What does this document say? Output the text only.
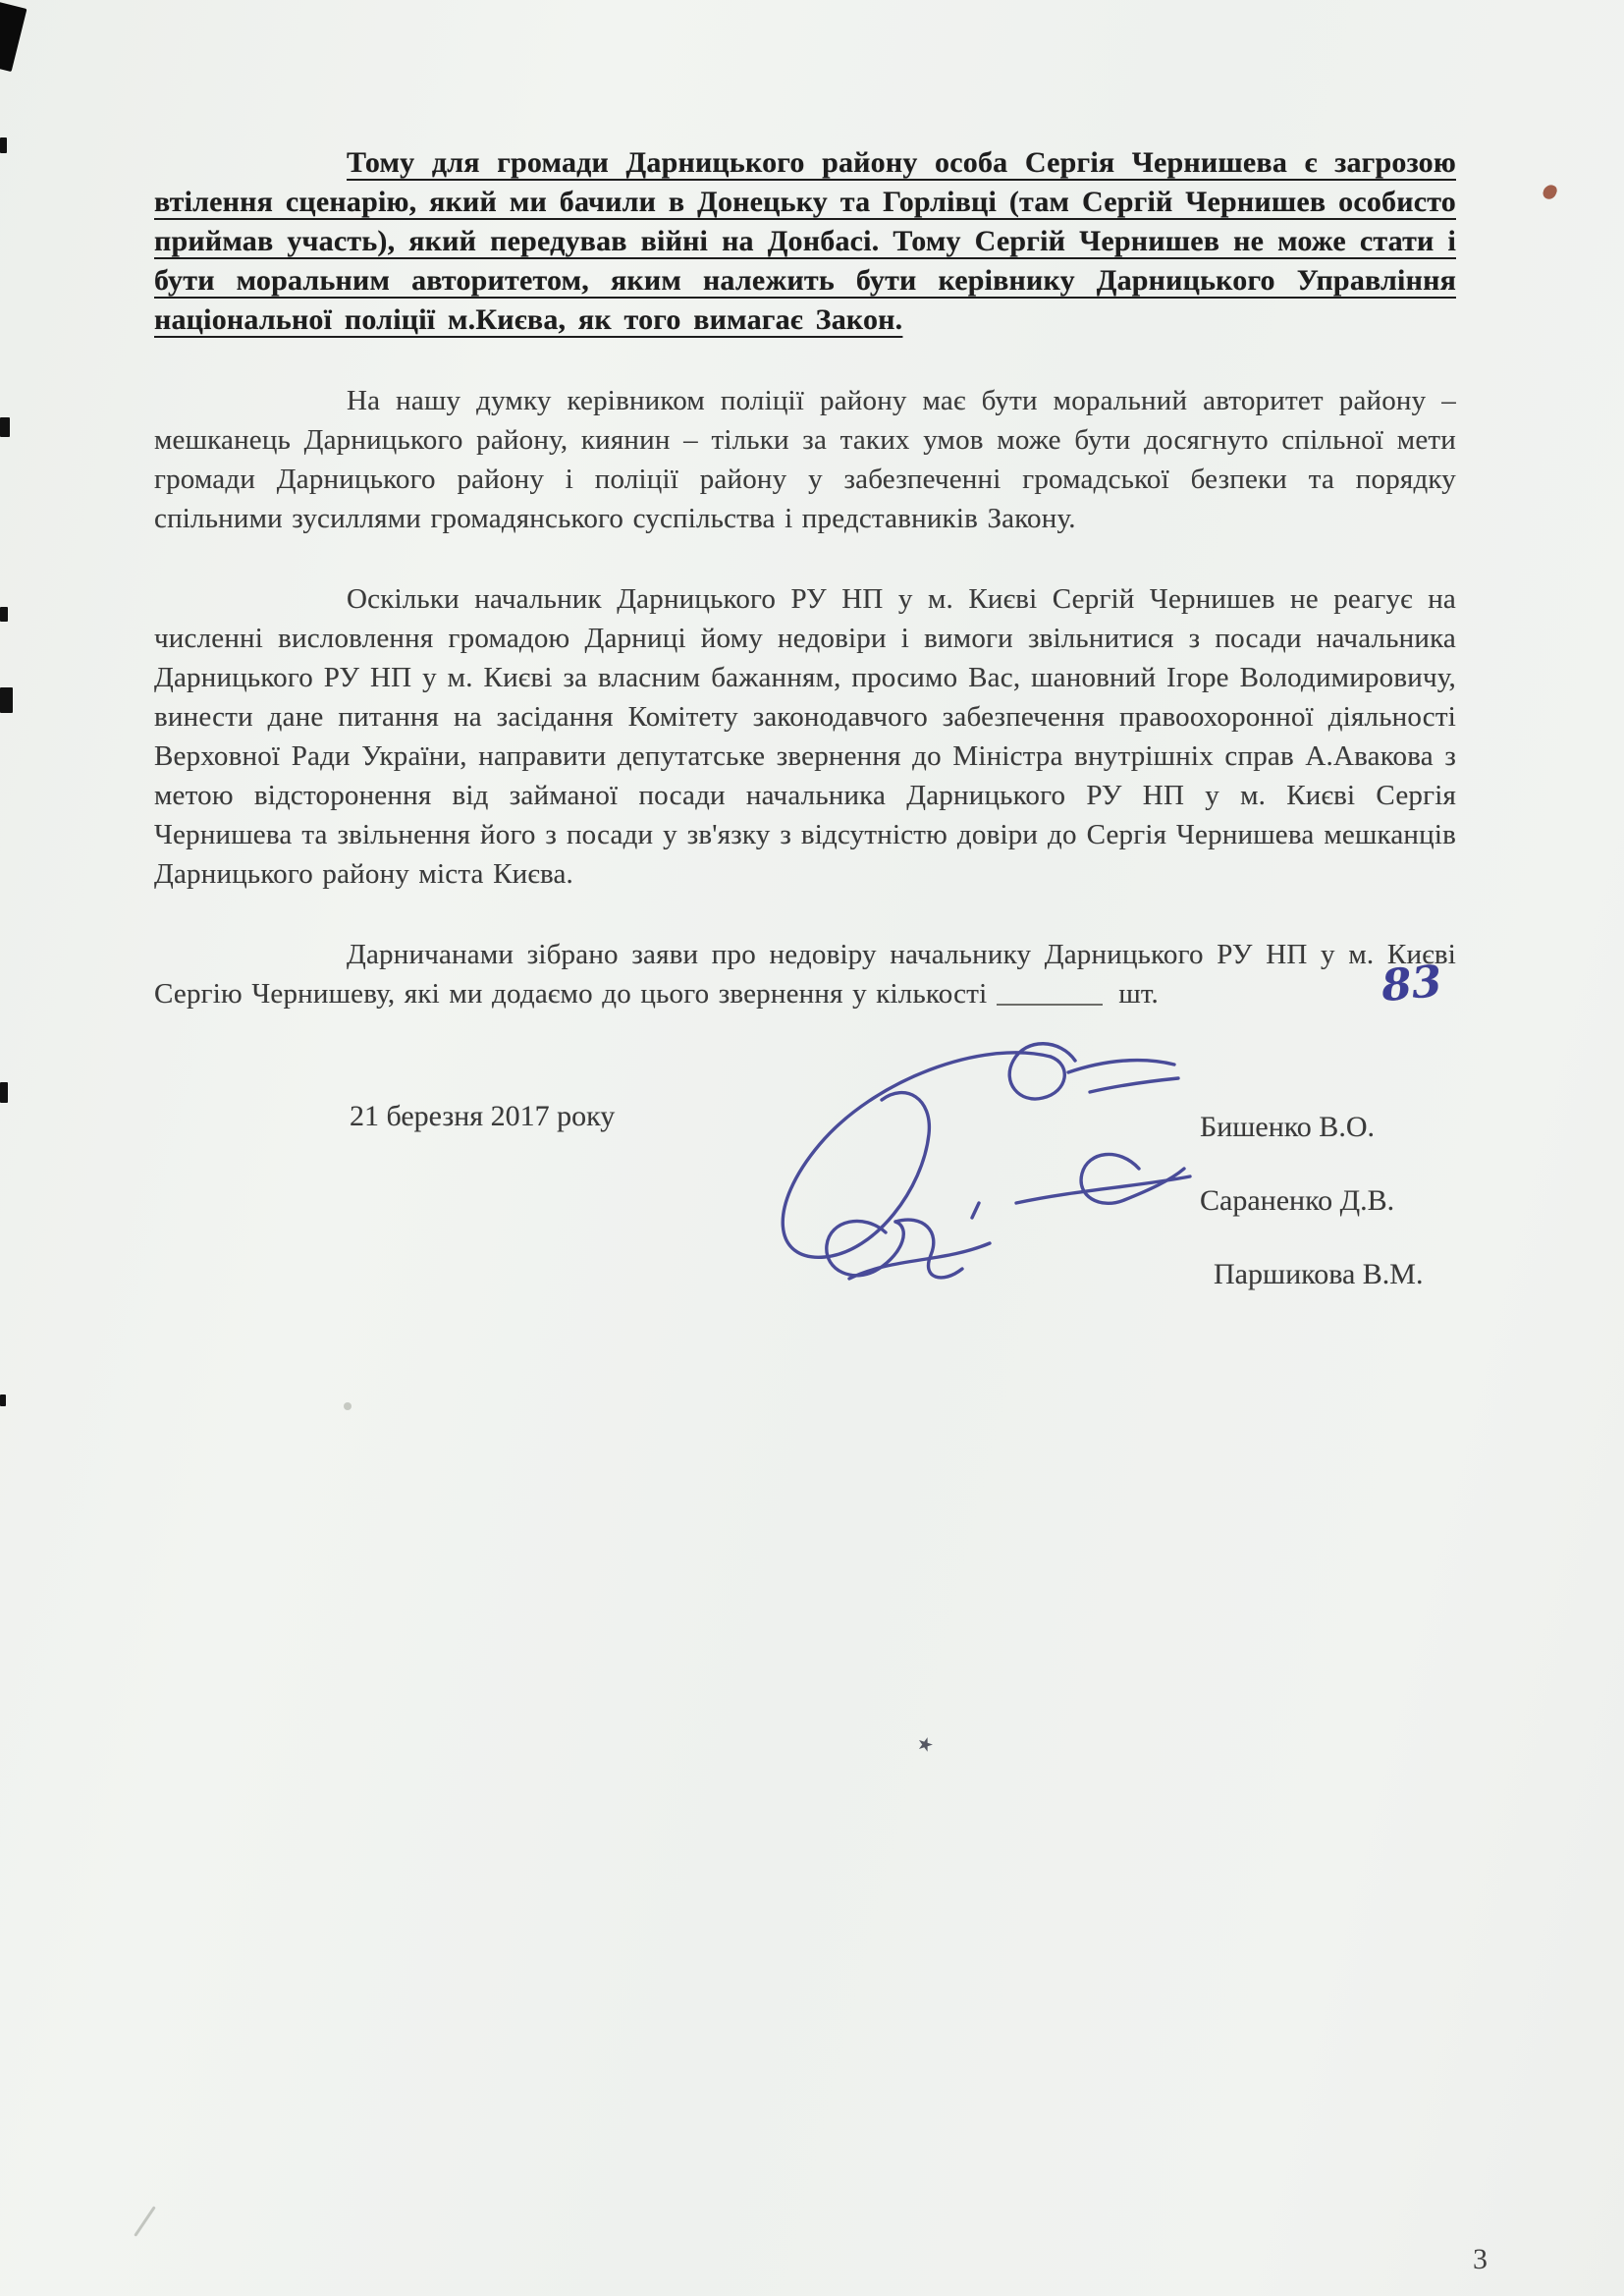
٭

Тому для громади Дарницького району особа Сергія Чернишева є загрозою втілення сценарію, який ми бачили в Донецьку та Горлівці (там Сергій Чернишев особисто приймав участь), який передував війні на Донбасі. Тому Сергій Чернишев не може стати і бути моральним авторитетом, яким належить бути керівнику Дарницького Управління національної поліції м.Києва, як того вимагає Закон.

На нашу думку керівником поліції району має бути моральний авторитет району – мешканець Дарницького району, киянин – тільки за таких умов може бути досягнуто спільної мети громади Дарницького району і поліції району у забезпеченні громадської безпеки та порядку спільними зусиллями громадянського суспільства і представників Закону.

Оскільки начальник Дарницького РУ НП у м. Києві Сергій Чернишев не реагує на численні висловлення громадою Дарниці йому недовіри і вимоги звільнитися з посади начальника Дарницького РУ НП у м. Києві за власним бажанням, просимо Вас, шановний Ігоре Володимировичу, винести дане питання на засідання Комітету законодавчого забезпечення правоохоронної діяльності Верховної Ради України, направити депутатське звернення до Міністра внутрішніх справ А.Авакова з метою відсторонення від займаної посади начальника Дарницького РУ НП у м. Києві Сергія Чернишева та звільнення його з посади у зв'язку з відсутністю довіри до Сергія Чернишева мешканців Дарницького району міста Києва.

Дарничанами зібрано заяви про недовіру начальнику Дарницького РУ НП у м. Києві Сергію Чернишеву, які ми додаємо до цього звернення у кількості	83шт.

21 березня 2017 року	Бишенко В.О.
Сараненко Д.В.
Паршикова В.М.
3
